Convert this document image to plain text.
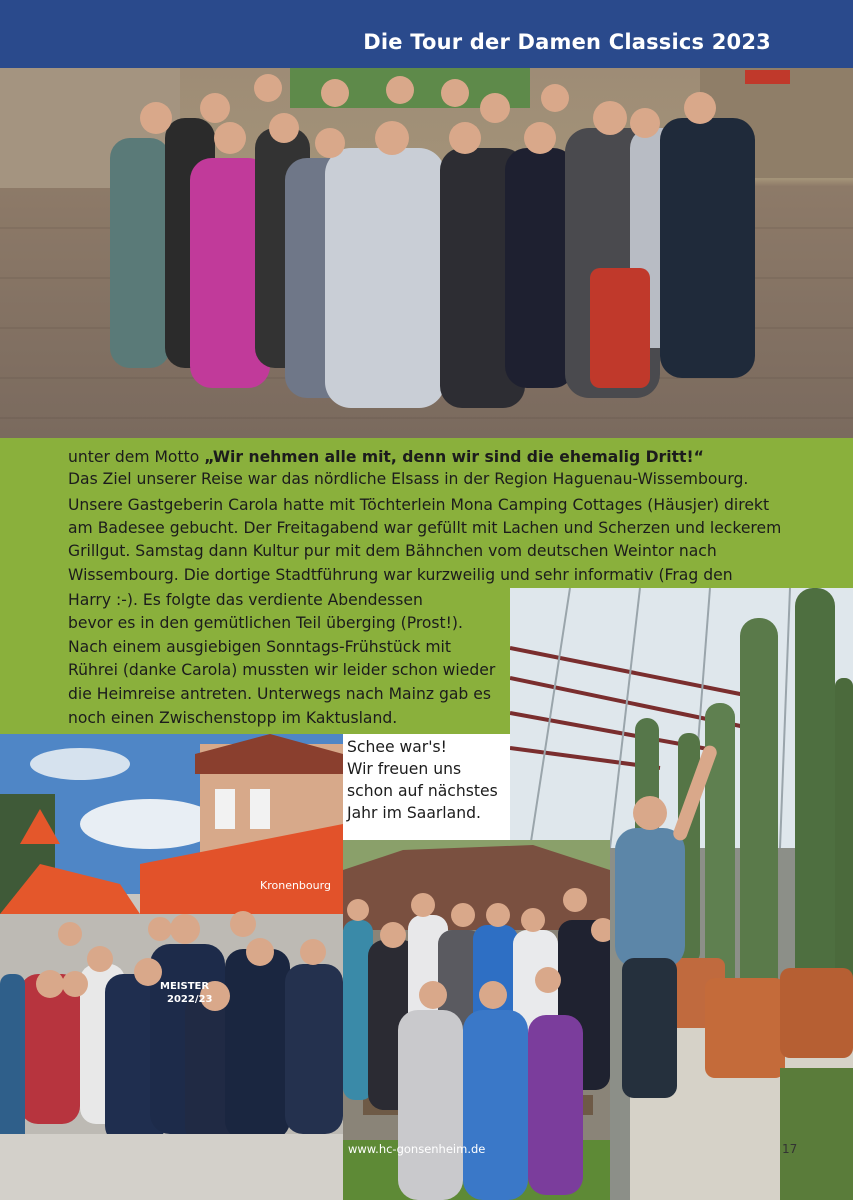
Die Tour der Damen Classics 2023
unter dem Motto „Wir nehmen alle mit, denn wir sind die ehemalig Dritt!“
Das Ziel unserer Reise war das nördliche Elsass in der Region Haguenau-Wissembourg.
Unsere Gastgeberin Carola hatte mit Töchterlein Mona Camping Cottages (Häusjer) direkt
am Badesee gebucht. Der Freitagabend war gefüllt mit Lachen und Scherzen und leckerem
Grillgut. Samstag dann Kultur pur mit dem Bähnchen vom deutschen Weintor nach
Wissembourg. Die dortige Stadtführung war kurzweilig und sehr informativ (Frag den
Harry :-). Es folgte das verdiente Abendessen
bevor es in den gemütlichen Teil überging (Prost!).
Nach einem ausgiebigen Sonntags-Frühstück mit
Rührei (danke Carola) mussten wir leider schon wieder
die Heimreise antreten. Unterwegs nach Mainz gab es
noch einen Zwischenstopp im Kaktusland.
Kronenbourg
MEISTER
2022/23
Schee war's!
Wir freuen uns
schon auf nächstes
Jahr im Saarland.
www.hc-gonsenheim.de	17
